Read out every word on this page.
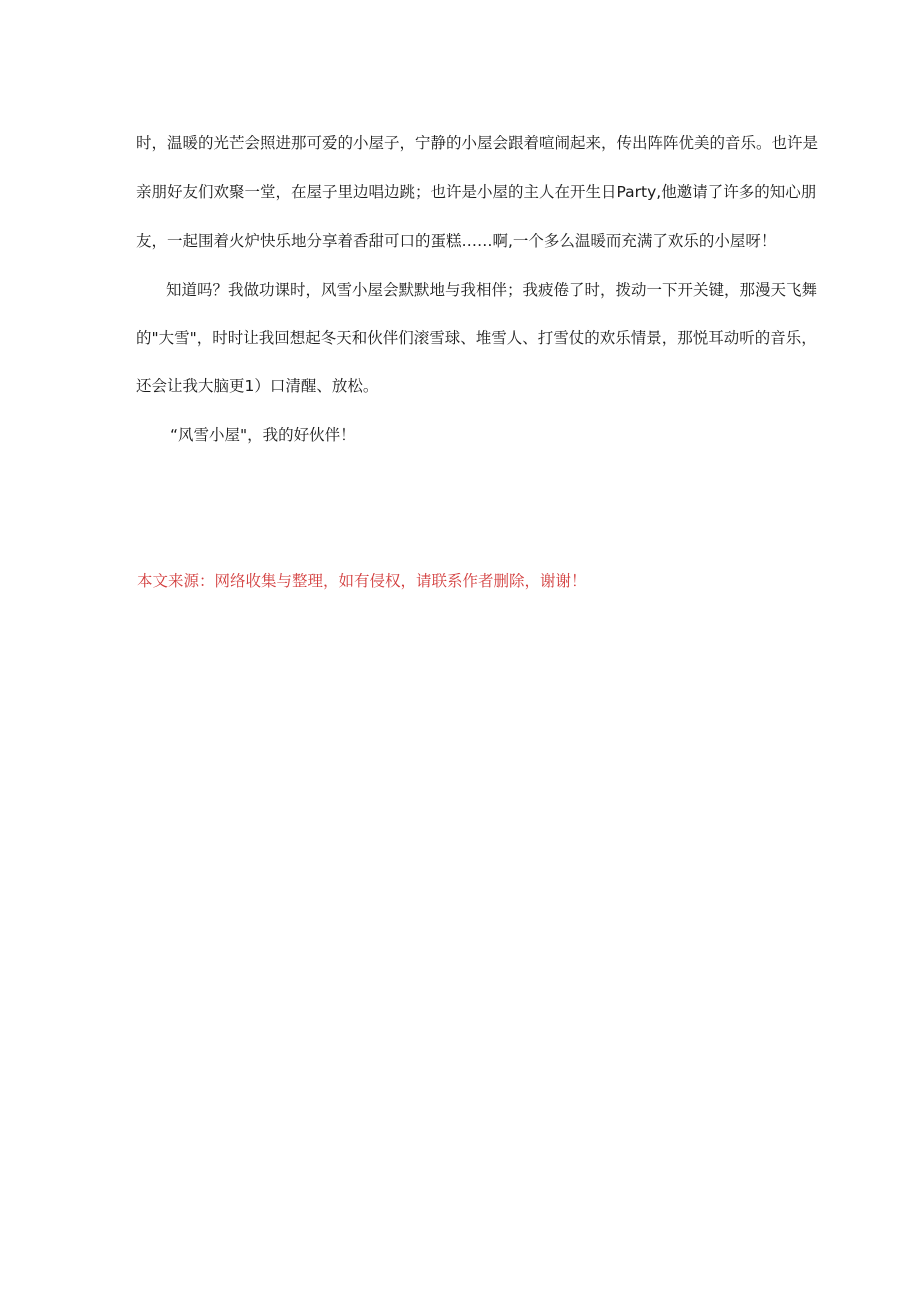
时，温暖的光芒会照进那可爱的小屋子，宁静的小屋会跟着喧闹起来，传出阵阵优美的音乐。也许是
亲朋好友们欢聚一堂，在屋子里边唱边跳；也许是小屋的主人在开生日Party,他邀请了许多的知心朋
友，一起围着火炉快乐地分享着香甜可口的蛋糕……啊,一个多么温暖而充满了欢乐的小屋呀！
知道吗？我做功课时，风雪小屋会默默地与我相伴；我疲倦了时，拨动一下开关键，那漫天飞舞
的"大雪"，时时让我回想起冬天和伙伴们滚雪球、堆雪人、打雪仗的欢乐情景，那悦耳动听的音乐，
还会让我大脑更1）口清醒、放松。
“风雪小屋"，我的好伙伴！
本文来源：网络收集与整理，如有侵权，请联系作者删除，谢谢！
